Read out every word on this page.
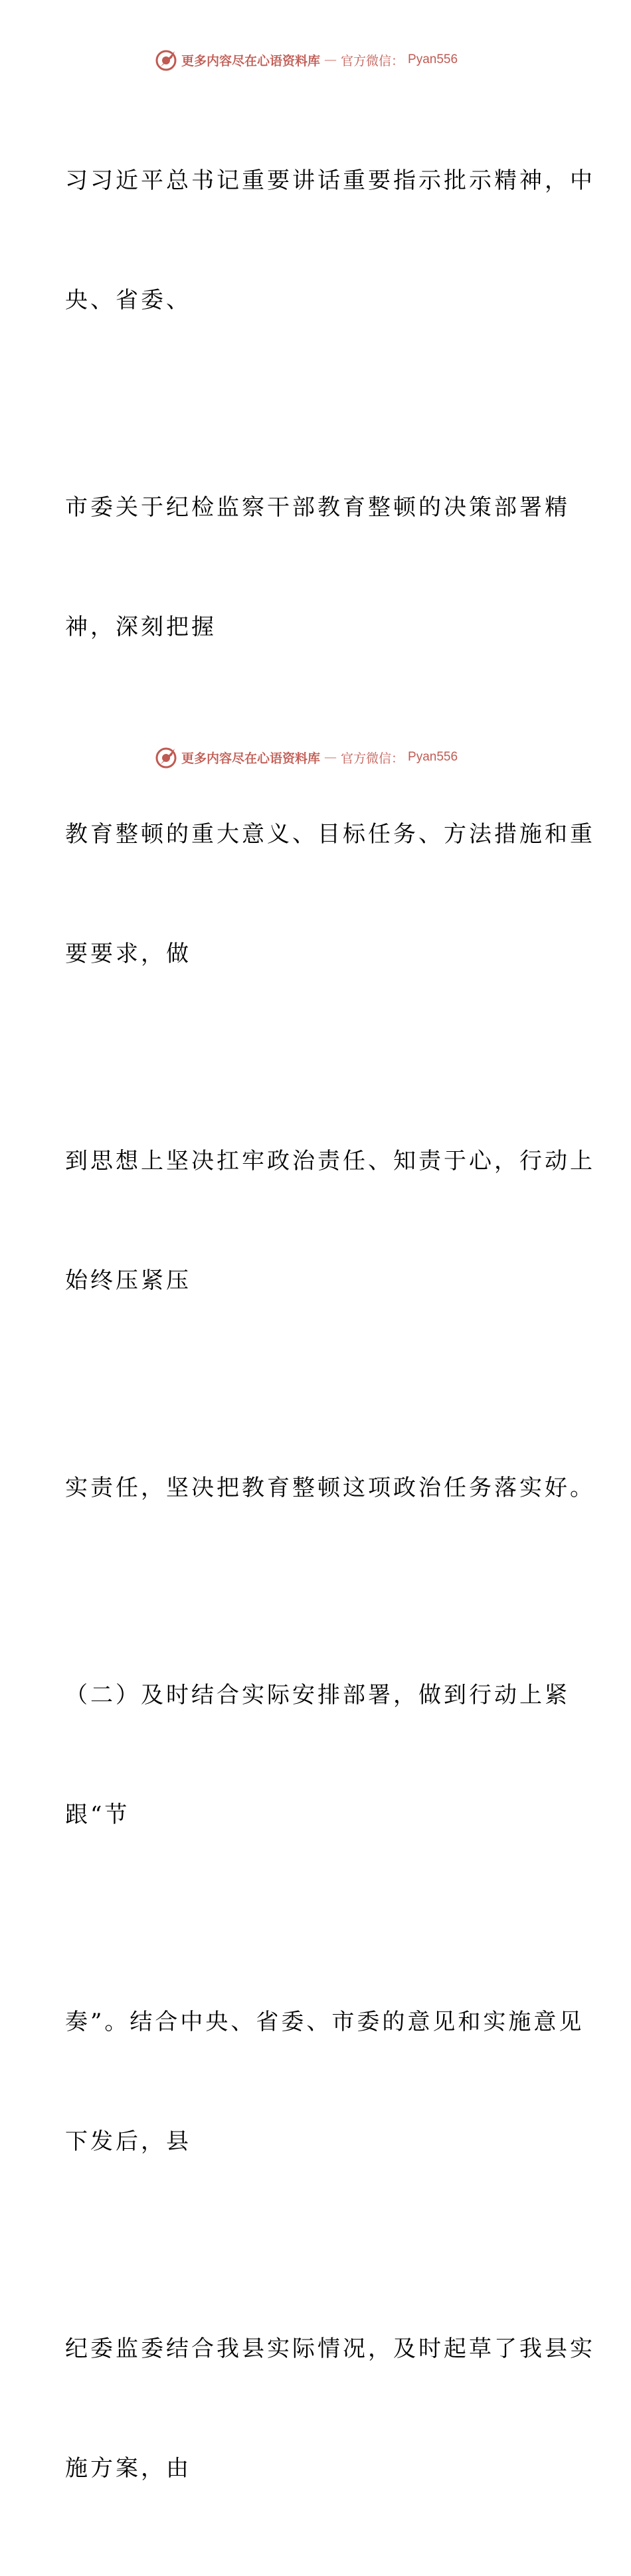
更多内容尽在心语资料库 — 官方微信： Pyan556

习习近平总书记重要讲话重要指示批示精神，中

央、省委、

市委关于纪检监察干部教育整顿的决策部署精

神，深刻把握

教育整顿的重大意义、目标任务、方法措施和重

要要求，做

到思想上坚决扛牢政治责任、知责于心，行动上

始终压紧压

实责任，坚决把教育整顿这项政治任务落实好。

（二）及时结合实际安排部署，做到行动上紧

跟“节

奏”。结合中央、省委、市委的意见和实施意见

下发后，县

纪委监委结合我县实际情况，及时起草了我县实

施方案，由

更多内容尽在心语资料库 — 官方微信： Pyan556
